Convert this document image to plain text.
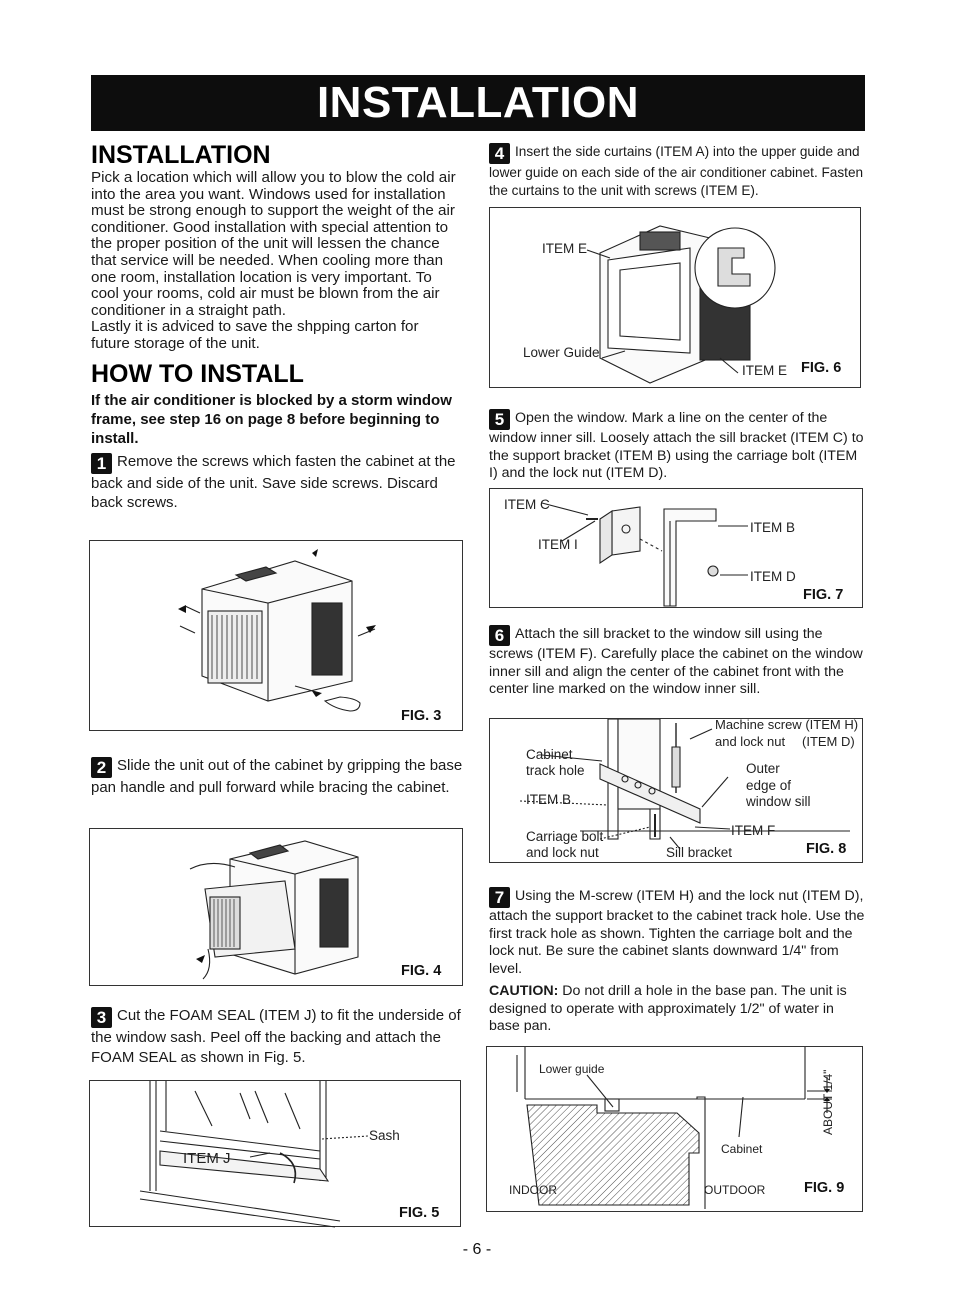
INSTALLATION
INSTALLATION

Pick a location which will allow you to blow the cold air into the area you want. Windows used for installation must be strong enough to support the weight of the air conditioner. Good installation with special attention to the proper position of the unit will lessen the chance that service will be needed. When cooling more than one room, installation location is very important. To cool your rooms, cold air must be blown from the air conditioner in a straight path.

Lastly it is adviced to save the shpping carton for future storage of the unit.

HOW TO INSTALL

If the air conditioner is blocked by a storm window frame, see step 16 on page 8 before beginning to install.

1 Remove the screws which fasten the cabinet at the back and side of the unit. Save side screws. Discard back screws.

FIG. 3

2 Slide the unit out of the cabinet by gripping the base pan handle and pull forward while bracing the cabinet.

FIG. 4

3 Cut the FOAM SEAL (ITEM J) to fit the underside of the window sash. Peel off the backing and attach the FOAM SEAL as shown in Fig. 5.

Sash
ITEM J
FIG. 5

4 Insert the side curtains (ITEM A) into the upper guide and lower guide on each side of the air conditioner cabinet. Fasten the curtains to the unit with screws (ITEM E).

ITEM E
Lower Guide
ITEM E FIG. 6

5 Open the window. Mark a line on the center of the window inner sill. Loosely attach the sill bracket (ITEM C) to the support bracket (ITEM B) using the carriage bolt (ITEM I) and the lock nut (ITEM D).

ITEM C
ITEM I
ITEM B
ITEM D
FIG. 7

6 Attach the sill bracket to the window sill using the screws (ITEM F). Carefully place the cabinet on the window inner sill and align the center of the cabinet front with the center line marked on the window inner sill.

Machine screw (ITEM H)
and lock nut (ITEM D)
Cabinet
track hole	Outer
edge of
window sill
ITEM B
ITEM F
Carriage bolt
and lock nut	Sill bracket	FIG. 8

7 Using the M-screw (ITEM H) and the lock nut (ITEM D), attach the support bracket to the cabinet track hole. Use the first track hole as shown. Tighten the carriage bolt and the lock nut. Be sure the cabinet slants downward 1/4" from level.

CAUTION: Do not drill a hole in the base pan. The unit is designed to operate with approximately 1/2" of water in base pan.

Lower guide
Cabinet
INDOOR	OUTDOOR
ABOUT 1/4"
FIG. 9
- 6 -
